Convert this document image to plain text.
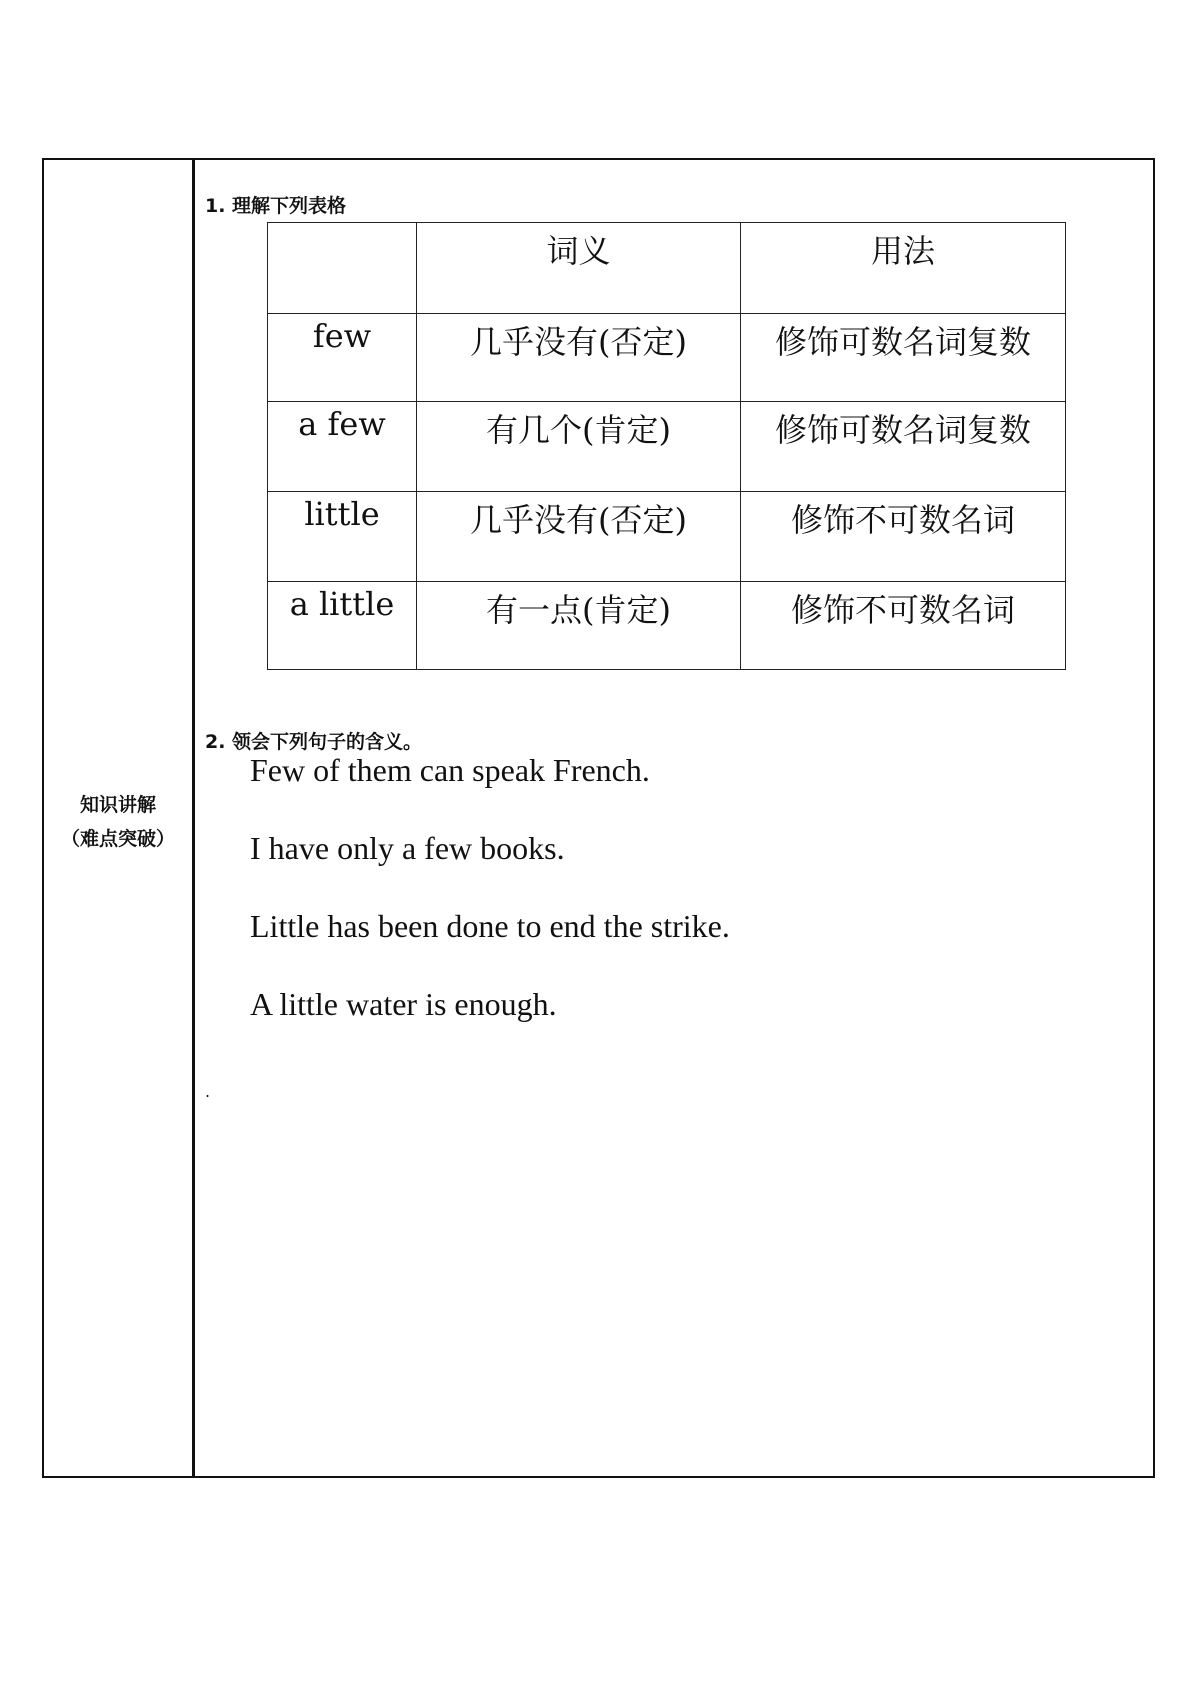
知识讲解
（难点突破）
1. 理解下列表格
	词义	用法
few	几乎没有(否定)	修饰可数名词复数
a few	有几个(肯定)	修饰可数名词复数
little	几乎没有(否定)	修饰不可数名词
a little	有一点(肯定)	修饰不可数名词
2. 领会下列句子的含义。
Few of them can speak French.
I have only a few books.
Little has been done to end the strike.
A little water is enough.
.
